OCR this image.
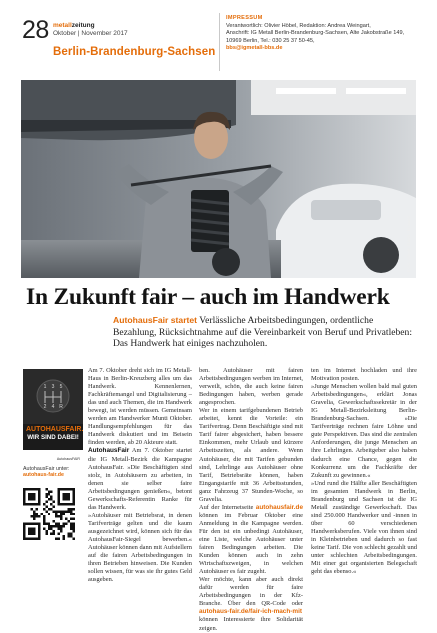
28 metallzeitung
Oktober | November 2017
Berlin-Brandenburg-Sachsen
IMPRESSUM
Verantwortlich: Olivier Höbel, Redaktion: Andrea Weingart,
Anschrift: IG Metall Berlin-Brandenburg-Sachsen, Alte Jakobstraße 149,
10969 Berlin, Tel.: 030 25 37 50-45,
bbs@igmetall-bbs.de
Foto: Oliver Bach / Krauss
In Zukunft fair – auch im Handwerk
AutohausFair startet Verlässliche Arbeitsbedingungen, ordentliche Bezahlung, Rücksichtnahme auf die Vereinbarkeit von Beruf und Privatleben: Das Handwerk hat einiges nachzuholen.
1 3 5
2 4 R
AUTOHAUSFAIR.
WIR SIND DABEI!
AutohausFAIR
AutohausFair unter:
autohaus-fair.de

Am 7. Oktober dreht sich im IG Metall-Haus in Berlin-Kreuzberg alles um das Handwerk. Kennenlernen, Fachkräftemangel und Digitalisierung – das und auch Themen, die im Handwerk bewegt, ist werden müssen. Gemeinsam werden am Handwerker Munti Oktober. Handlungsempfehlungen für das Handwerk diskutiert und im Beisein finden werden, ab 20 Akteure statt.

AutohausFair Am 7. Oktober startet die IG Metall-Bezirk die Kampagne AutohausFair. »Die Beschäftigten sind stolz, in Autohäusern zu arbeiten, in denen sie selber faire Arbeitsbedingungen genießen«, betont Gewerkschafts-Referentin Ranke für das Handwerk.

»Autohäuser mit Betriebsrat, in denen Tarifverträge gelten und die kaum ausgezeichnet wird, können sich für das AutohausFair-Siegel bewerben.« Autohäuser können dann mit Aufstellern auf die fairen Arbeitsbedingungen in ihren Betrieben hinweisen. Die Kunden sollen wissen, für was sie ihr gutes Geld ausgeben.

ben. Autohäuser mit fairen Arbeitsbedingungen werben im Internet, verweilt, schön, die auch keine fairen Bedingungen haben, werben gerade angesprochen.

Wer in einem tarifgebundenen Betrieb arbeitet, kennt die Vorteile: ein Tarifvertrag. Denn Beschäftigte sind mit Tarif fairer abgesichert, haben bessere Einkommen, mehr Urlaub und kürzere Arbeitszeiten, als andere. Wenn Autohäuser, die mit Tarifen gebunden sind, Lehrlinge aus Autohäuser ohne Tarif, Betriebsräte können, haben Eingangstarife mit 36 Arbeitsstunden, ganz Fahrzeug 37 Stunden-Woche, so Gravelia.

Auf der Internetseite autohausfair.de können im Februar Oktober eine Anmeldung in die Kampagne werden. Für den ist ein unbedingt Autohäuser, eine Liste, welche Autohäuser unter fairen Bedingungen arbeiten. Die Kunden können auch in zehn Wirtschaftszweigen, in welchen Autohäuser es fair zugeht.

Wer möchte, kann aber auch direkt dafür werden für faire Arbeitsbedingungen in der Kfz-Branche. Über den QR-Code oder autohaus-fair.de/fair-ich-mach-mit können Interessierte ihre Solidarität zeigen.

ten im Internet hochladen und ihre Motivation posten.

»Junge Menschen wollen bald mal guten Arbeitsbedingungen«, erklärt Jonas Gravelia, Gewerkschaftssekretär in der IG Metall-Bezirksleitung Berlin-Brandenburg-Sachsen. »Die Tarifverträge rechnen faire Löhne und gute Perspektiven. Das sind die zentralen Anforderungen, die junge Menschen an ihre Lehrlingen. Arbeitgeber also haben dadurch eine Chance, gegen die Konkurrenz um die Fachkräfte der Zukunft zu gewinnen.«

»Und rund die Hälfte aller Beschäftigten im gesamten Handwerk in Berlin, Brandenburg und Sachsen ist die IG Metall zuständige Gewerkschaft. Das sind 250.000 Handwerker und -innen in über 60 verschiedenen Handwerksberufen. Viele von ihnen sind in Kleinbetrieben und dadurch so fast keine Tarif. Die von schlecht gezahlt und unter schlechten Arbeitsbedingungen. Mit einer gut organisierten Belegschaft geht das ebenso.«
